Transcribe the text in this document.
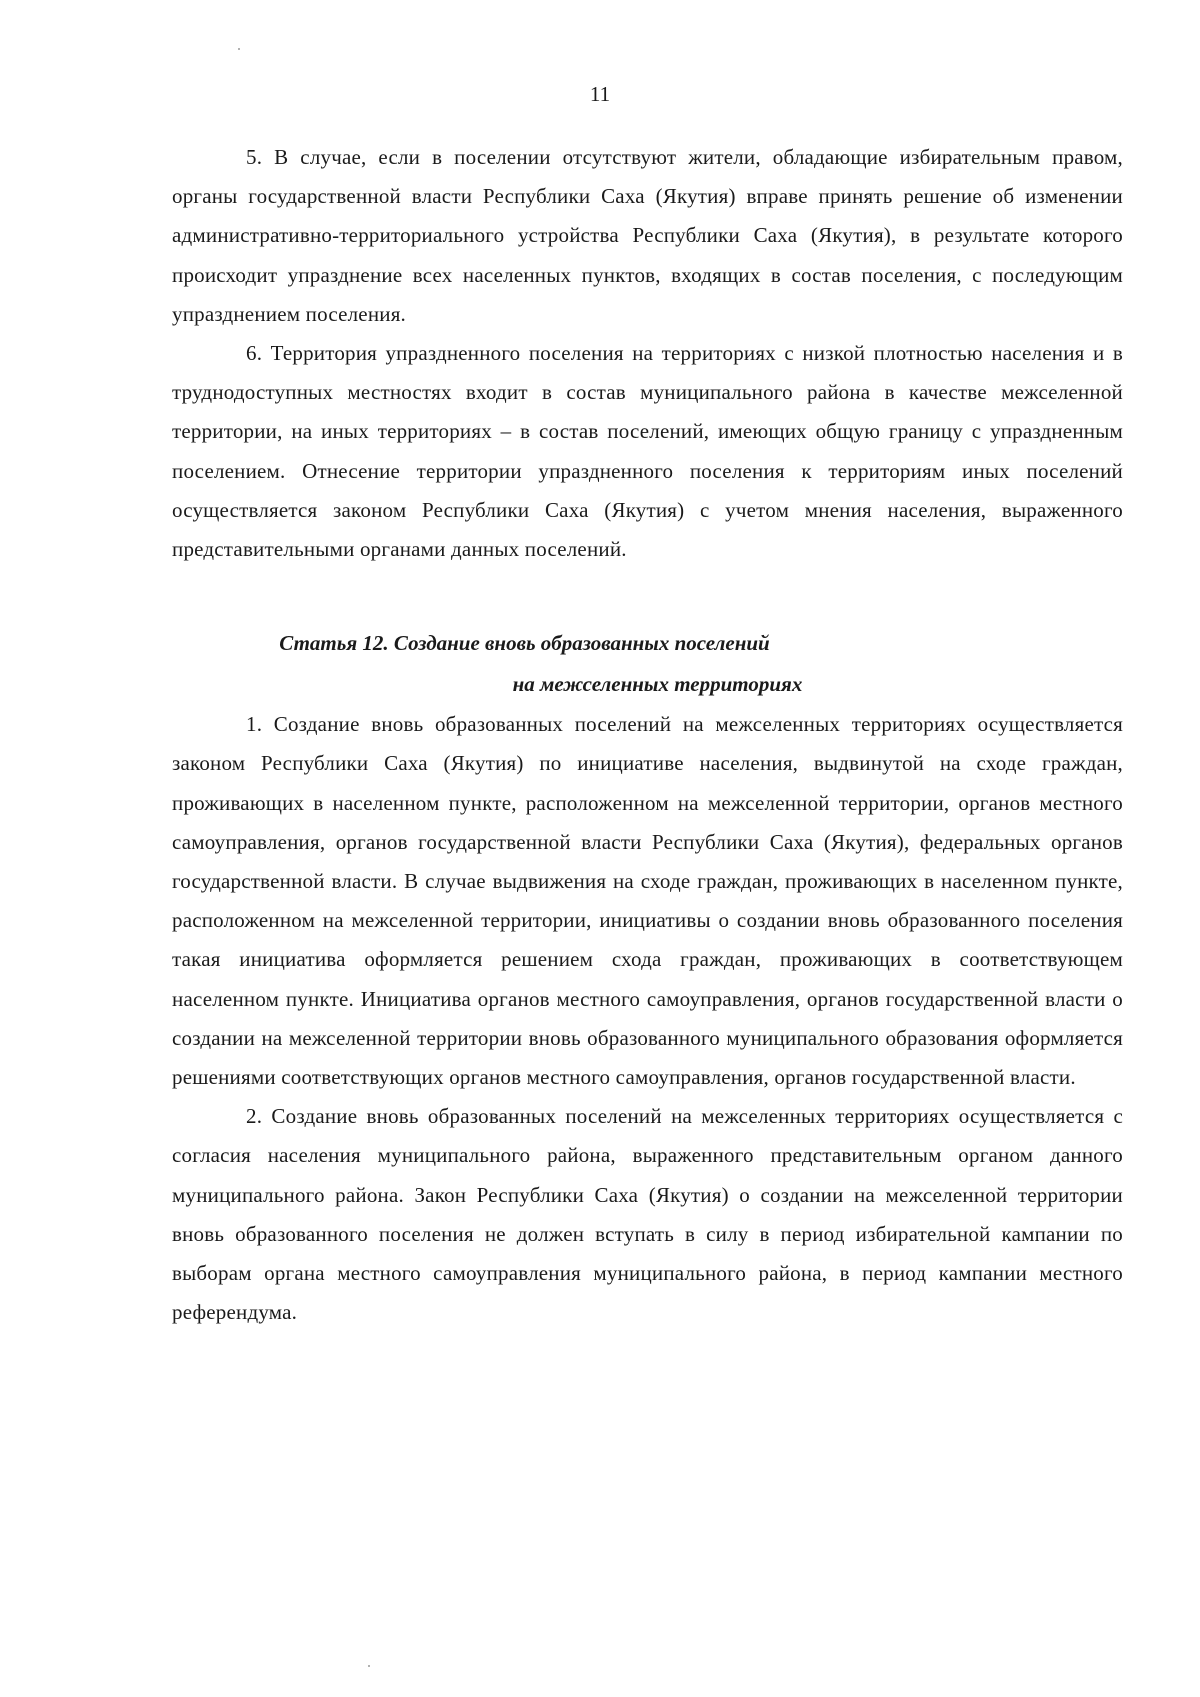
11

5. В случае, если в поселении отсутствуют жители, обладающие избирательным правом, органы государственной власти Республики Саха (Якутия) вправе принять решение об изменении административно-территориального устройства Республики Саха (Якутия), в результате которого происходит упразднение всех населенных пунктов, входящих в состав поселения, с последующим упразднением поселения.

6. Территория упраздненного поселения на территориях с низкой плотностью населения и в труднодоступных местностях входит в состав муниципального района в качестве межселенной территории, на иных территориях – в состав поселений, имеющих общую границу с упраздненным поселением. Отнесение территории упраздненного поселения к территориям иных поселений осуществляется законом Республики Саха (Якутия) с учетом мнения населения, выраженного представительными органами данных поселений.

Статья 12. Создание вновь образованных поселений
на межселенных территориях

1. Создание вновь образованных поселений на межселенных территориях осуществляется законом Республики Саха (Якутия) по инициативе населения, выдвинутой на сходе граждан, проживающих в населенном пункте, расположенном на межселенной территории, органов местного самоуправления, органов государственной власти Республики Саха (Якутия), федеральных органов государственной власти. В случае выдвижения на сходе граждан, проживающих в населенном пункте, расположенном на межселенной территории, инициативы о создании вновь образованного поселения такая инициатива оформляется решением схода граждан, проживающих в соответствующем населенном пункте. Инициатива органов местного самоуправления, органов государственной власти о создании на межселенной территории вновь образованного муниципального образования оформляется решениями соответствующих органов местного самоуправления, органов государственной власти.

2. Создание вновь образованных поселений на межселенных территориях осуществляется с согласия населения муниципального района, выраженного представительным органом данного муниципального района. Закон Республики Саха (Якутия) о создании на межселенной территории вновь образованного поселения не должен вступать в силу в период избирательной кампании по выборам органа местного самоуправления муниципального района, в период кампании местного референдума.
